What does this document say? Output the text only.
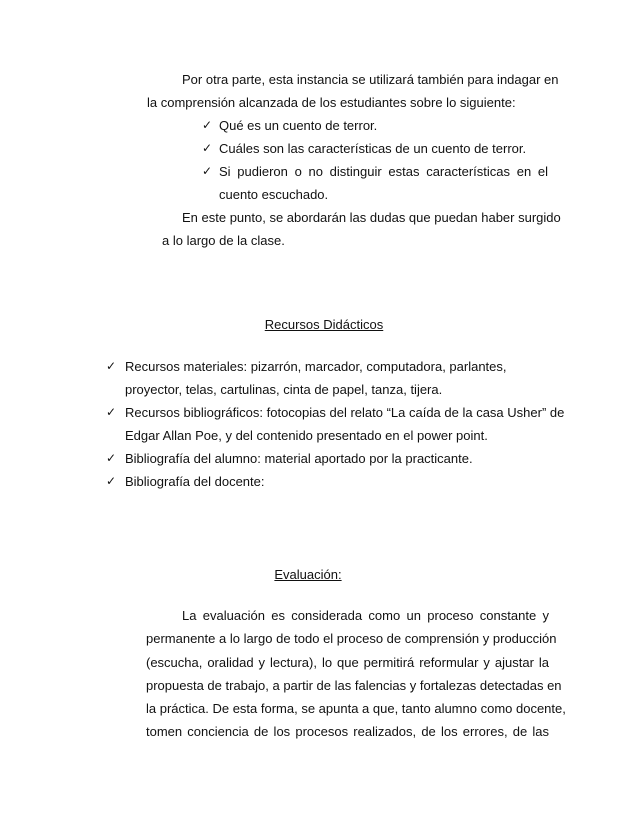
Por otra parte, esta instancia se utilizará también para indagar en
la comprensión alcanzada de los estudiantes sobre lo siguiente:
✓ Qué es un cuento de terror.
✓ Cuáles son las características de un cuento de terror.
✓ Si pudieron o no distinguir estas características en el
cuento escuchado.
En este punto, se abordarán las dudas que puedan haber surgido
a lo largo de la clase.
Recursos Didácticos
✓ Recursos materiales: pizarrón, marcador, computadora, parlantes,
proyector, telas, cartulinas, cinta de papel, tanza, tijera.
✓ Recursos bibliográficos: fotocopias del relato “La caída de la casa Usher” de
Edgar Allan Poe, y del contenido presentado en el power point.
✓ Bibliografía del alumno: material aportado por la practicante.
✓ Bibliografía del docente:
Evaluación:
La evaluación es considerada como un proceso constante y
permanente a lo largo de todo el proceso de comprensión y producción
(escucha, oralidad y lectura), lo que permitirá reformular y ajustar la
propuesta de trabajo, a partir de las falencias y fortalezas detectadas en
la práctica. De esta forma, se apunta a que, tanto alumno como docente,
tomen conciencia de los procesos realizados, de los errores, de las
